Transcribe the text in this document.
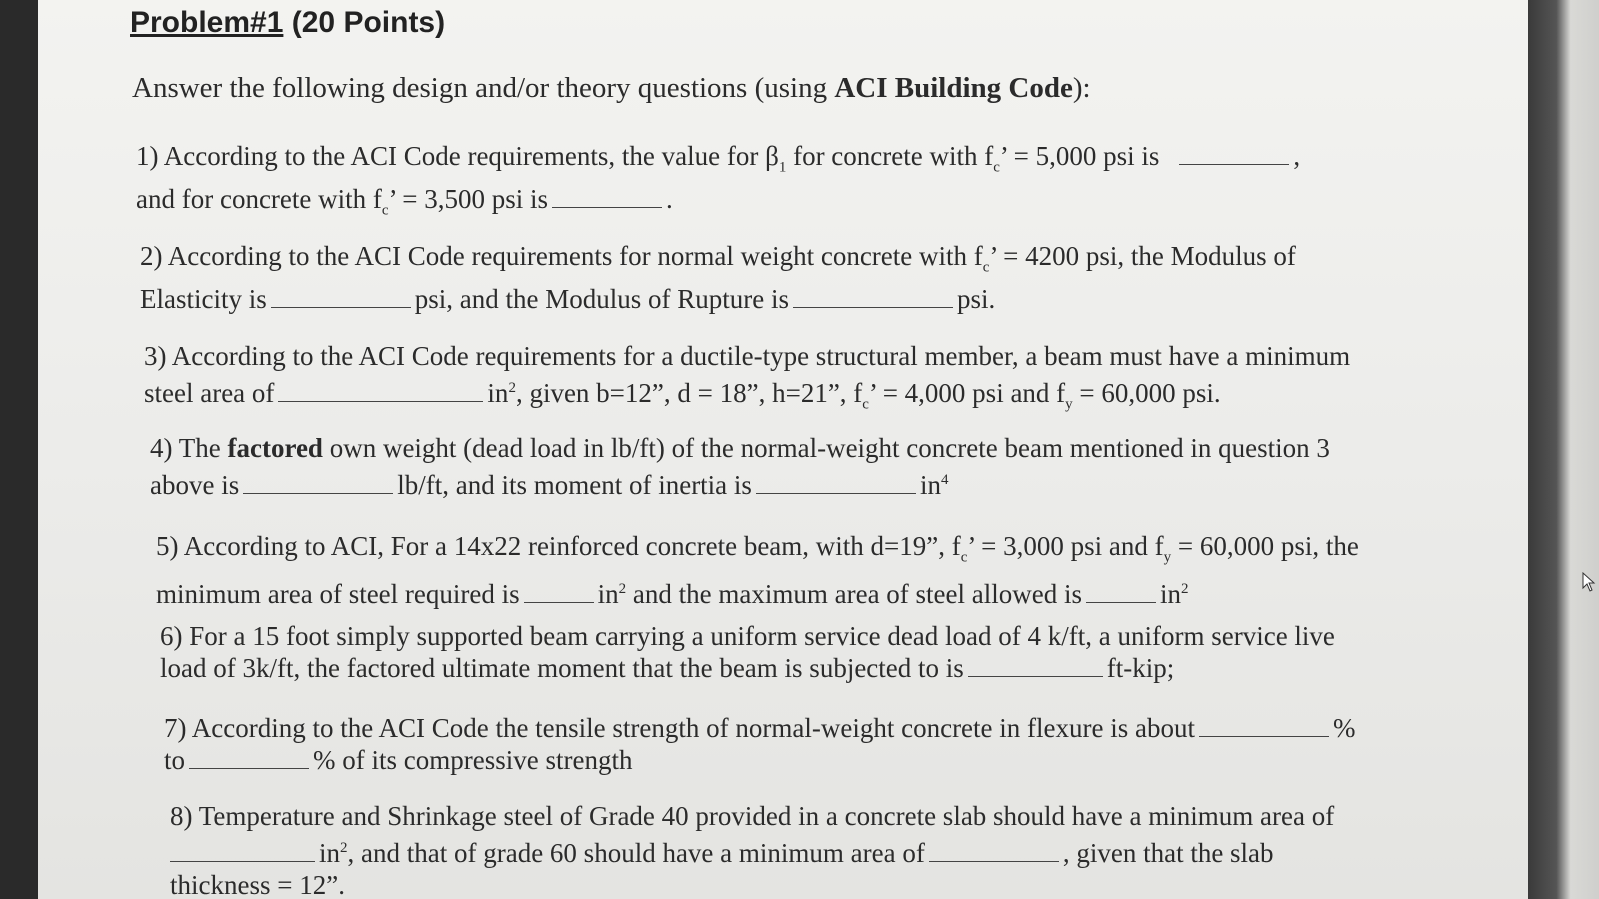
Problem#1 (20 Points)
Answer the following design and/or theory questions (using ACI Building Code):
1) According to the ACI Code requirements, the value for $\beta_1$ for concrete with $f_c$’ = 5,000 psi is	,
and for concrete with $f_c$’ = 3,500 psi is	.
2) According to the ACI Code requirements for normal weight concrete with $f_c$’ = 4200 psi, the Modulus of
Elasticity is	psi, and the Modulus of Rupture is	psi.
3) According to the ACI Code requirements for a ductile-type structural member, a beam must have a minimum
steel area of	$in^2$, given b=12”, d = 18”, h=21”, $f_c$’ = 4,000 psi and $f_y = 60,000$ psi.
4) The factored own weight (dead load in lb/ft) of the normal-weight concrete beam mentioned in question 3
above is	lb/ft, and its moment of inertia is	$in^4$
5) According to ACI, For a 14x22 reinforced concrete beam, with d=19”, $f_c$’ = 3,000 psi and $f_y = 60,000$ psi, the
minimum area of steel required is	$in^2$ and the maximum area of steel allowed is	$in^2$
6) For a 15 foot simply supported beam carrying a uniform service dead load of 4 k/ft, a uniform service live
load of 3k/ft, the factored ultimate moment that the beam is subjected to is	ft-kip;
7) According to the ACI Code the tensile strength of normal-weight concrete in flexure is about	%
to	% of its compressive strength
8) Temperature and Shrinkage steel of Grade 40 provided in a concrete slab should have a minimum area of
$in^2$, and that of grade 60 should have a minimum area of	, given that the slab
thickness = 12”.
